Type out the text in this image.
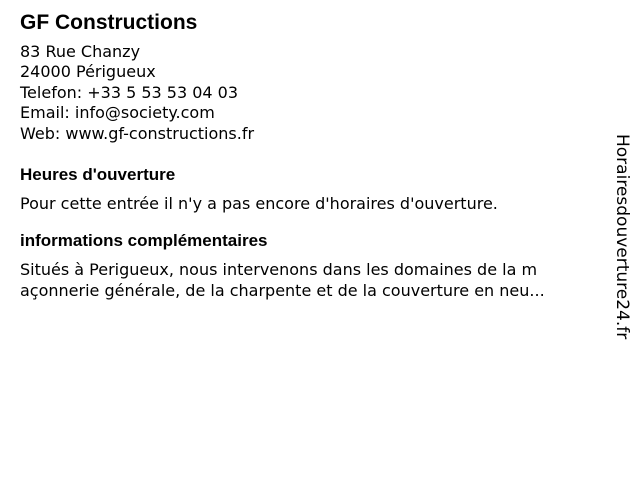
GF Constructions
83 Rue Chanzy
24000 Périgueux
Telefon: +33 5 53 53 04 03
Email: info@society.com
Web: www.gf-constructions.fr
Heures d'ouverture
Pour cette entrée il n'y a pas encore d'horaires d'ouverture.
informations complémentaires
Situés à Perigueux, nous intervenons dans les domaines de la m
açonnerie générale, de la charpente et de la couverture en neu...	Horairesdouverture24.fr
